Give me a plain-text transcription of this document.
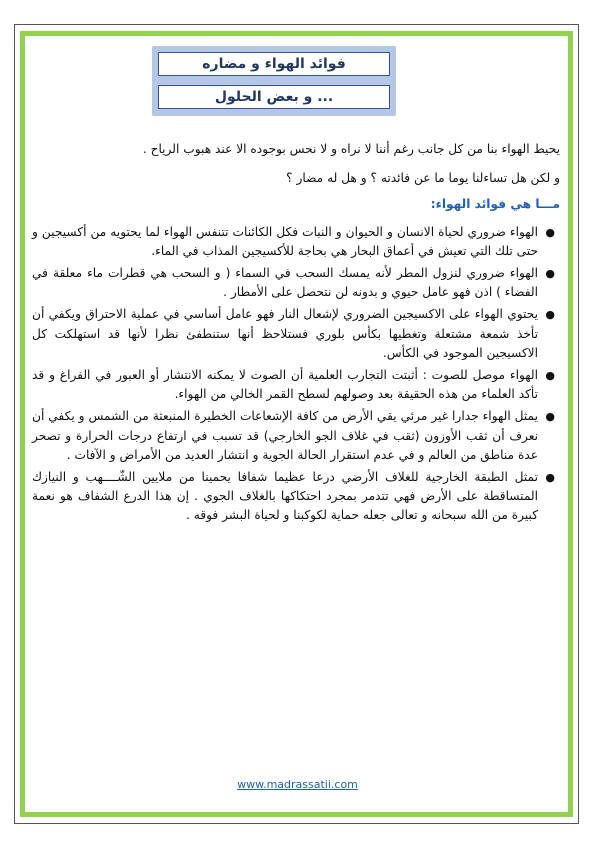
فوائد الهواء و مضاره
... و بعض الحلول

يحيط الهواء بنا من كل جانب رغم أننا لا نراه و لا نحس بوجوده الا عند هبوب الرياح .

و لكن هل تساءلنا يوما ما عن فائدته ؟ و هل له مضار ؟

مـــا هي فوائد الهواء:

●
الهواء ضروري لحياة الانسان و الحيوان و النبات فكل الكائنات تتنفس الهواء لما يحتويه من أكسيجين و حتى تلك التي تعيش في أعماق البحار هي بحاجة للأكسيجين المذاب في الماء.
●
الهواء ضروري لنزول المطر لأنه يمسك السحب في السماء ( و السحب هي قطرات ماء معلقة في الفضاء ) اذن فهو عامل حيوي و بدونه لن نتحصل على الأمطار .
●
يحتوي الهواء على الاكسيجين الضروري لإشعال النار فهو عامل أساسي في عملية الاحتراق ويكفي أن تأخذ شمعة مشتعلة وتغطيها بكأس بلوري فستلاحظ أنها ستنطفئ نظرا لأنها قد استهلكت كل الاكسيجين الموجود في الكأس.
●
الهواء موصل للصوت : أثبتت التجارب العلمية أن الصوت لا يمكنه الانتشار أو العبور في الفراغ و قد تأكد العلماء من هذه الحقيقة بعد وصولهم لسطح القمر الخالي من الهواء.
●
يمثل الهواء جدارا غير مرئي يقي الأرض من كافة الإشعاعات الخطيرة المنبعثة من الشمس و يكفي أن نعرف أن ثقب الأوزون (ثقب في غلاف الجو الخارجي) قد تسبب في ارتفاع درجات الحرارة و تصحر عدة مناطق من العالم و في عدم استقرار الحالة الجوية و انتشار العديد من الأمراض و الآفات .
●
تمثل الطبقة الخارجية للغلاف الأرضي درعا عظيما شفافا يحمينا من ملايين الشّــــهب و النيازك المتساقطة على الأرض فهي تتدمر بمجرد احتكاكها بالغلاف الجوي . إن هذا الدرع الشفاف هو نعمة كبيرة من الله سبحانه و تعالى جعله حماية لكوكبنا و لحياة البشر فوقه .
www.madrassatii.com
